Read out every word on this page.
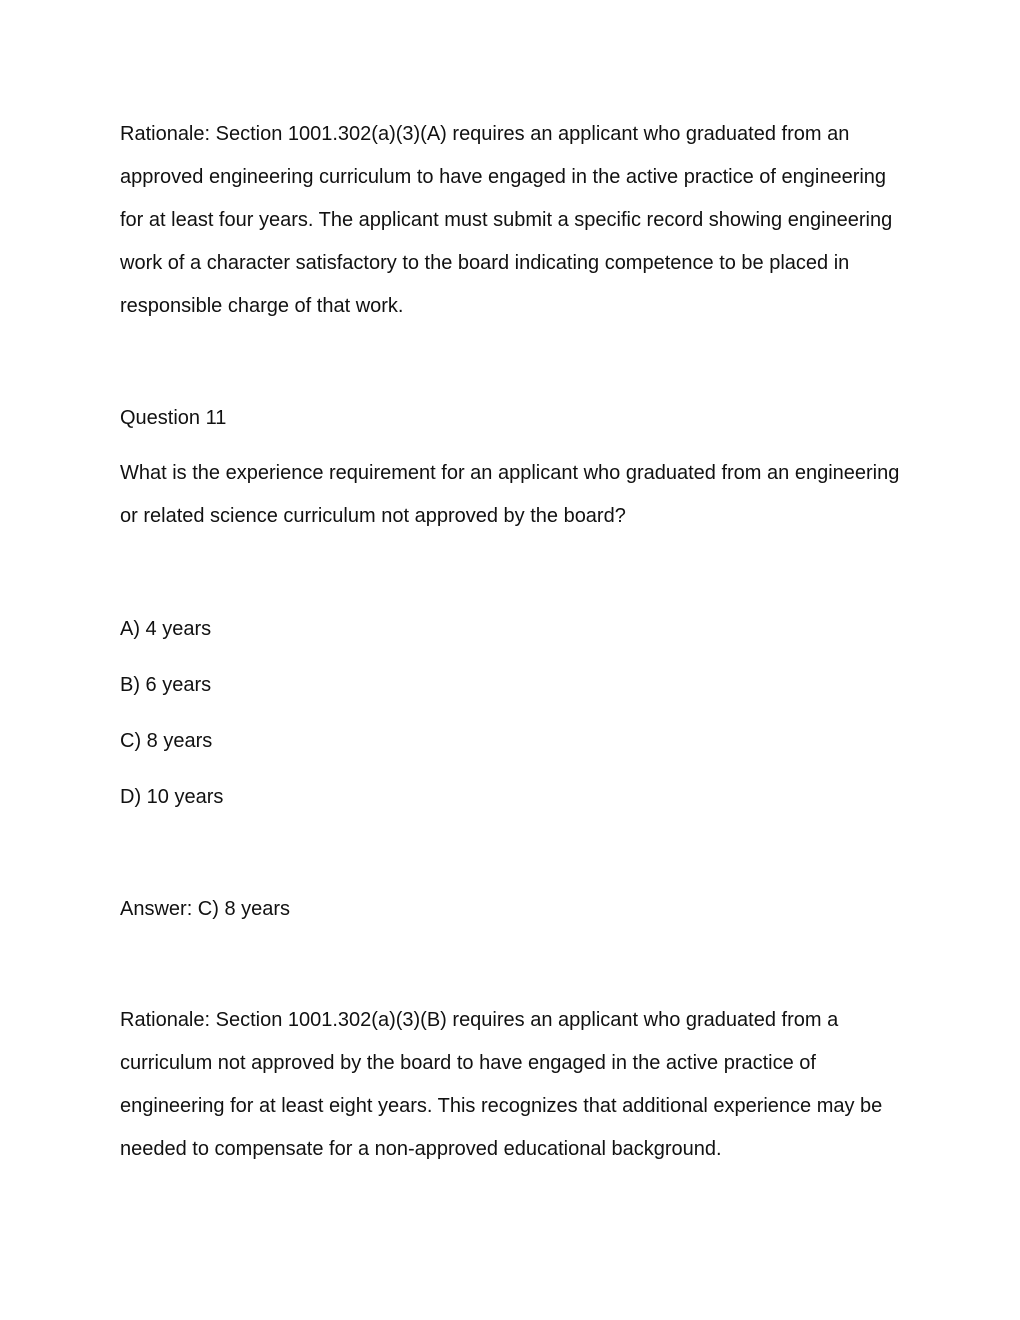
Rationale: Section 1001.302(a)(3)(A) requires an applicant who graduated from an approved engineering curriculum to have engaged in the active practice of engineering for at least four years. The applicant must submit a specific record showing engineering work of a character satisfactory to the board indicating competence to be placed in responsible charge of that work.

Question 11

What is the experience requirement for an applicant who graduated from an engineering or related science curriculum not approved by the board?

A) 4 years

B) 6 years

C) 8 years

D) 10 years

Answer: C) 8 years

Rationale: Section 1001.302(a)(3)(B) requires an applicant who graduated from a curriculum not approved by the board to have engaged in the active practice of engineering for at least eight years. This recognizes that additional experience may be needed to compensate for a non-approved educational background.
